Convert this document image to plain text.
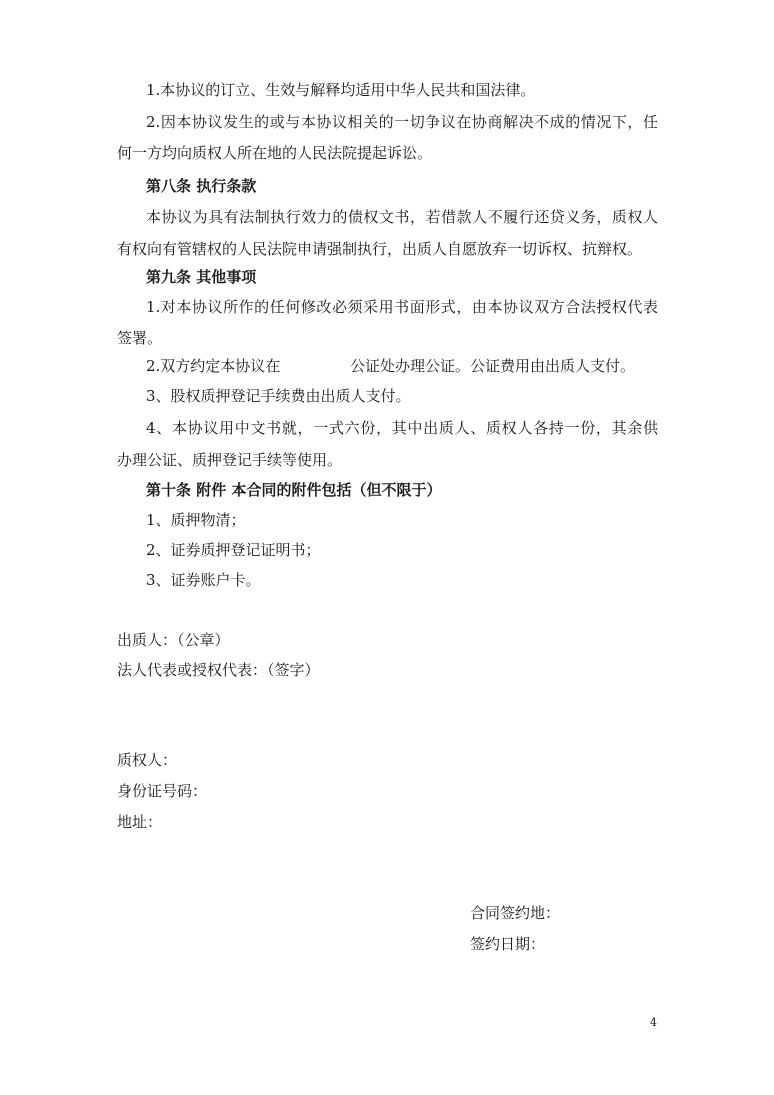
1.本协议的订立、生效与解释均适用中华人民共和国法律。
2.因本协议发生的或与本协议相关的一切争议在协商解决不成的情况下，任
何一方均向质权人所在地的人民法院提起诉讼。
第八条 执行条款
本协议为具有法制执行效力的债权文书，若借款人不履行还贷义务，质权人
有权向有管辖权的人民法院申请强制执行，出质人自愿放弃一切诉权、抗辩权。
第九条 其他事项
1.对本协议所作的任何修改必须采用书面形式，由本协议双方合法授权代表
签署。
2.双方约定本协议在	公证处办理公证。公证费用由出质人支付。
3、股权质押登记手续费由出质人支付。
4、本协议用中文书就，一式六份，其中出质人、质权人各持一份，其余供
办理公证、质押登记手续等使用。
第十条 附件 本合同的附件包括（但不限于）
1、质押物清；
2、证券质押登记证明书；
3、证券账户卡。
出质人：（公章）
法人代表或授权代表：（签字）
质权人：
身份证号码：
地址：
合同签约地：
签约日期：
4
